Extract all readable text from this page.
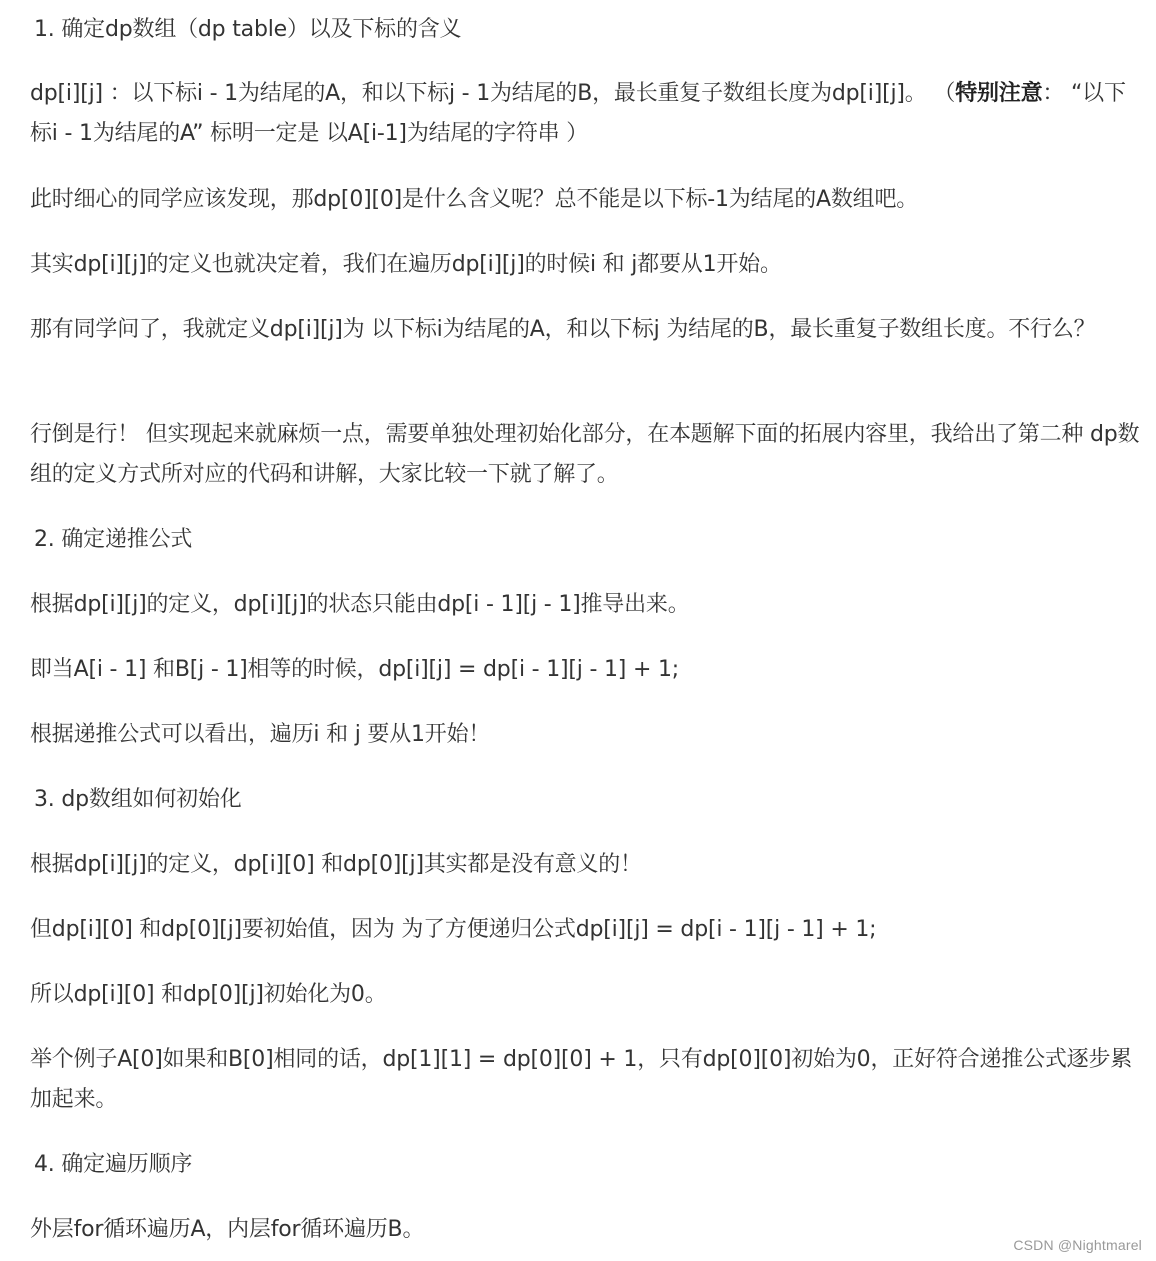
1. 确定dp数组（dp table）以及下标的含义
dp[i][j] ：以下标i - 1为结尾的A，和以下标j - 1为结尾的B，最长重复子数组长度为dp[i][j]。 （特别注意： “以下标i - 1为结尾的A” 标明一定是 以A[i-1]为结尾的字符串 ）
此时细心的同学应该发现，那dp[0][0]是什么含义呢？总不能是以下标-1为结尾的A数组吧。
其实dp[i][j]的定义也就决定着，我们在遍历dp[i][j]的时候i 和 j都要从1开始。
那有同学问了，我就定义dp[i][j]为 以下标i为结尾的A，和以下标j 为结尾的B，最长重复子数组长度。不行么？
行倒是行！ 但实现起来就麻烦一点，需要单独处理初始化部分，在本题解下面的拓展内容里，我给出了第二种 dp数组的定义方式所对应的代码和讲解，大家比较一下就了解了。
2. 确定递推公式
根据dp[i][j]的定义，dp[i][j]的状态只能由dp[i - 1][j - 1]推导出来。
即当A[i - 1] 和B[j - 1]相等的时候，dp[i][j] = dp[i - 1][j - 1] + 1;
根据递推公式可以看出，遍历i 和 j 要从1开始！
3. dp数组如何初始化
根据dp[i][j]的定义，dp[i][0] 和dp[0][j]其实都是没有意义的！
但dp[i][0] 和dp[0][j]要初始值，因为 为了方便递归公式dp[i][j] = dp[i - 1][j - 1] + 1;
所以dp[i][0] 和dp[0][j]初始化为0。
举个例子A[0]如果和B[0]相同的话，dp[1][1] = dp[0][0] + 1，只有dp[0][0]初始为0，正好符合递推公式逐步累加起来。
4. 确定遍历顺序
外层for循环遍历A，内层for循环遍历B。
CSDN @Nightmarel
